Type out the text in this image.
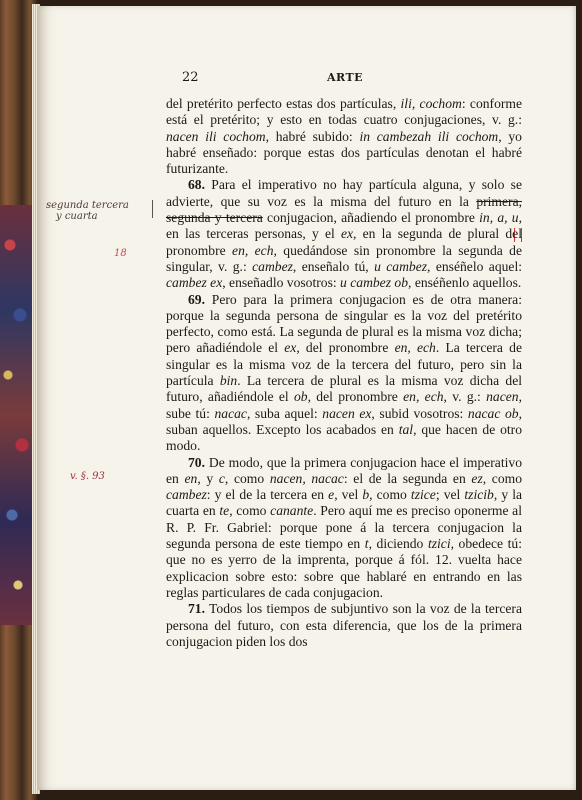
22	ARTE
segunda tercera
y cuarta
18
v. §. 93

del pretérito perfecto estas dos partículas, ili, cochom: conforme está el pretérito; y esto en todas cuatro conjugaciones, v. g.: nacen ili cochom, habré subido: in cambezah ili cochom, yo habré enseñado: porque estas dos partículas denotan el habré futurizante.

68. Para el imperativo no hay partícula alguna, y solo se advierte, que su voz es la misma del futuro en la primera, segunda y tercera conjugacion, añadiendo el pronombre in, a, u, en las terceras personas, y el ex, en la segunda de plural del pronombre en, ech, quedándose sin pronombre la segunda de singular, v. g.: cambez, enseñalo tú, u cambez, enséñelo aquel: cambez ex, enseñadlo vosotros: u cambez ob, enséñenlo aquellos.

69. Pero para la primera conjugacion es de otra manera: porque la segunda persona de singular es la voz del pretérito perfecto, como está. La segunda de plural es la misma voz dicha; pero añadiéndole el ex, del pronombre en, ech. La tercera de singular es la misma voz de la tercera del futuro, pero sin la partícula bin. La tercera de plural es la misma voz dicha del futuro, añadiéndole el ob, del pronombre en, ech, v. g.: nacen, sube tú: nacac, suba aquel: nacen ex, subid vosotros: nacac ob, suban aquellos. Excepto los acabados en tal, que hacen de otro modo.

70. De modo, que la primera conjugacion hace el imperativo en en, y c, como nacen, nacac: el de la segunda en ez, como cambez: y el de la tercera en e, vel b, como tzice; vel tzicib, y la cuarta en te, como canante. Pero aquí me es preciso oponerme al R. P. Fr. Gabriel: porque pone á la tercera conjugacion la segunda persona de este tiempo en t, diciendo tzici, obedece tú: que no es yerro de la imprenta, porque á fól. 12. vuelta hace explicacion sobre esto: sobre que hablaré en entrando en las reglas particulares de cada conjugacion.

71. Todos los tiempos de subjuntivo son la voz de la tercera persona del futuro, con esta diferencia, que los de la primera conjugacion piden los dos
